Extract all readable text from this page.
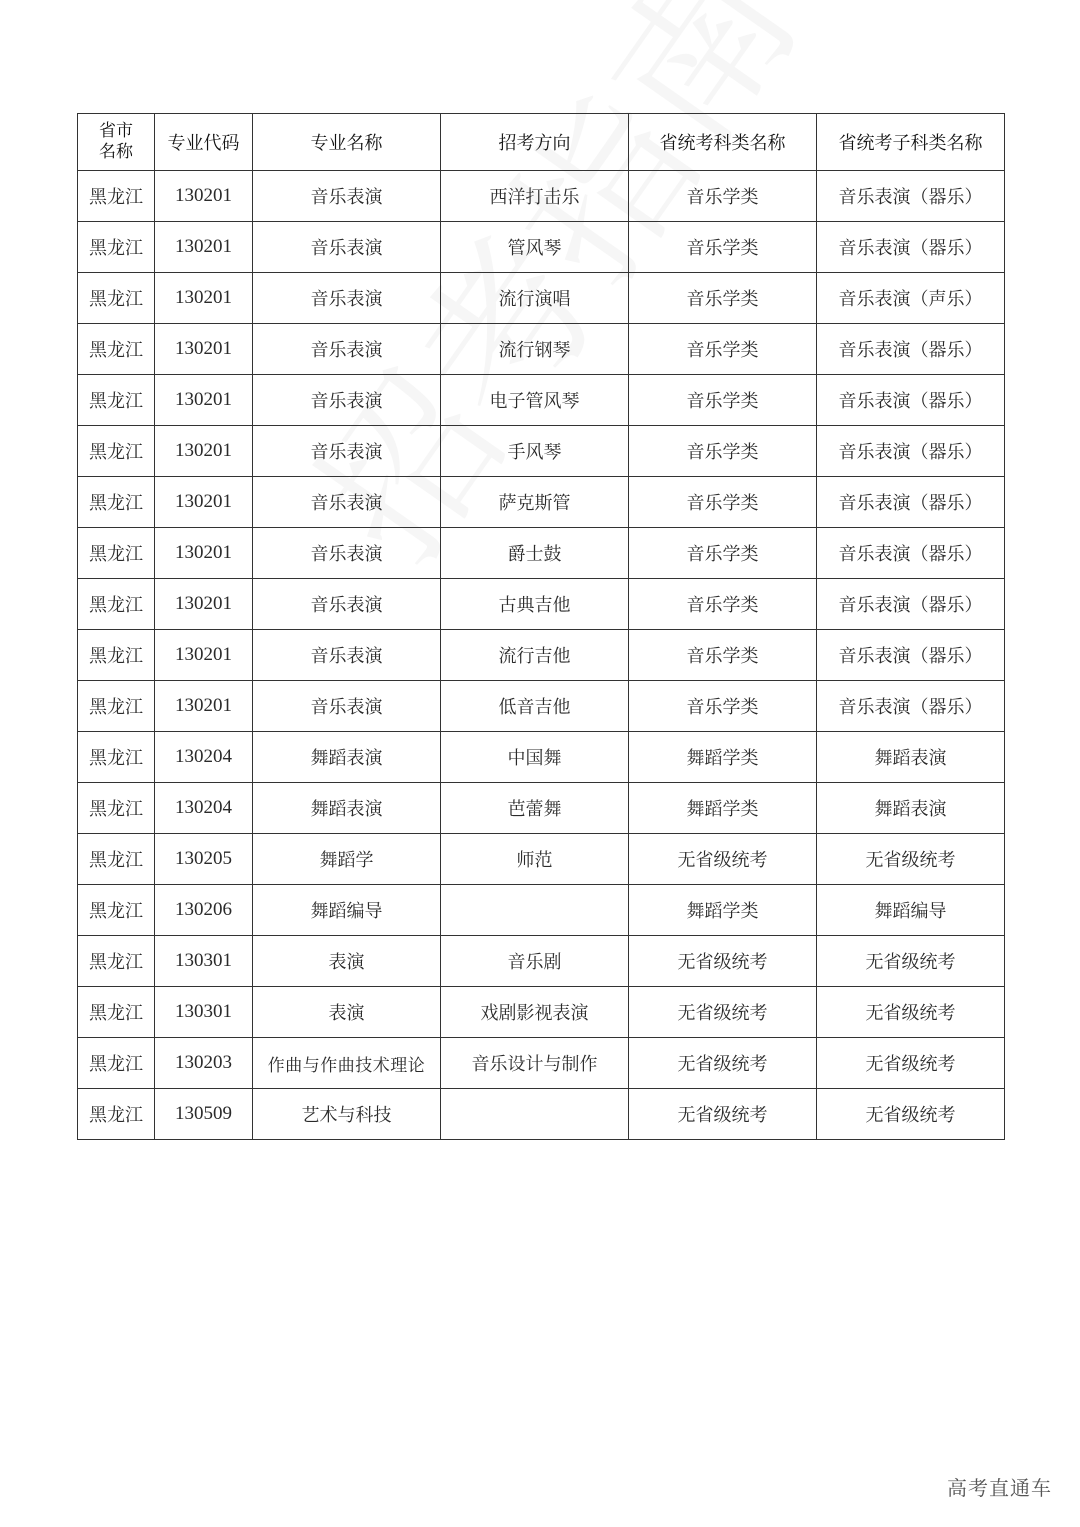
省市
名称	专业代码	专业名称	招考方向	省统考科类名称	省统考子科类名称
黑龙江	130201	音乐表演	西洋打击乐	音乐学类	音乐表演（器乐）
黑龙江	130201	音乐表演	管风琴	音乐学类	音乐表演（器乐）
黑龙江	130201	音乐表演	流行演唱	音乐学类	音乐表演（声乐）
黑龙江	130201	音乐表演	流行钢琴	音乐学类	音乐表演（器乐）
黑龙江	130201	音乐表演	电子管风琴	音乐学类	音乐表演（器乐）
黑龙江	130201	音乐表演	手风琴	音乐学类	音乐表演（器乐）
黑龙江	130201	音乐表演	萨克斯管	音乐学类	音乐表演（器乐）
黑龙江	130201	音乐表演	爵士鼓	音乐学类	音乐表演（器乐）
黑龙江	130201	音乐表演	古典吉他	音乐学类	音乐表演（器乐）
黑龙江	130201	音乐表演	流行吉他	音乐学类	音乐表演（器乐）
黑龙江	130201	音乐表演	低音吉他	音乐学类	音乐表演（器乐）
黑龙江	130204	舞蹈表演	中国舞	舞蹈学类	舞蹈表演
黑龙江	130204	舞蹈表演	芭蕾舞	舞蹈学类	舞蹈表演
黑龙江	130205	舞蹈学	师范	无省级统考	无省级统考
黑龙江	130206	舞蹈编导		舞蹈学类	舞蹈编导
黑龙江	130301	表演	音乐剧	无省级统考	无省级统考
黑龙江	130301	表演	戏剧影视表演	无省级统考	无省级统考
黑龙江	130203	作曲与作曲技术理论	音乐设计与制作	无省级统考	无省级统考
黑龙江	130509	艺术与科技		无省级统考	无省级统考
高考直通车
